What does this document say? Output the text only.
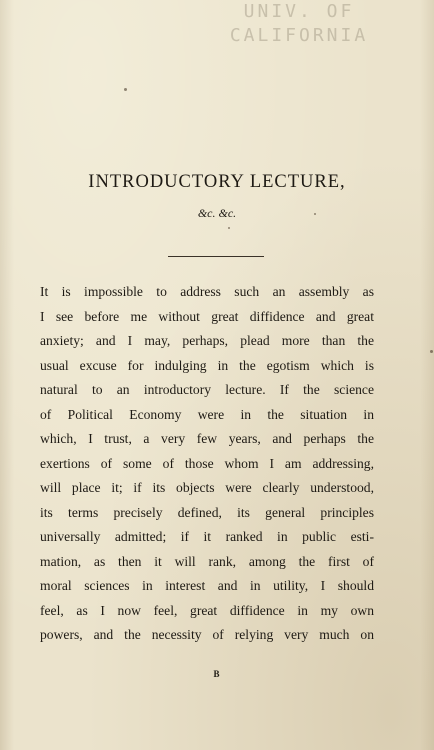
UNIV. OF
CALIFORNIA
INTRODUCTORY LECTURE,
&c. &c.

It is impossible to address such an assembly as
I see before me without great diffidence and great
anxiety; and I may, perhaps, plead more than the
usual excuse for indulging in the egotism which is
natural to an introductory lecture. If the science
of Political Economy were in the situation in
which, I trust, a very few years, and perhaps the
exertions of some of those whom I am addressing,
will place it; if its objects were clearly understood,
its terms precisely defined, its general principles
universally admitted; if it ranked in public esti-
mation, as then it will rank, among the first of
moral sciences in interest and in utility, I should
feel, as I now feel, great diffidence in my own
powers, and the necessity of relying very much on

B
